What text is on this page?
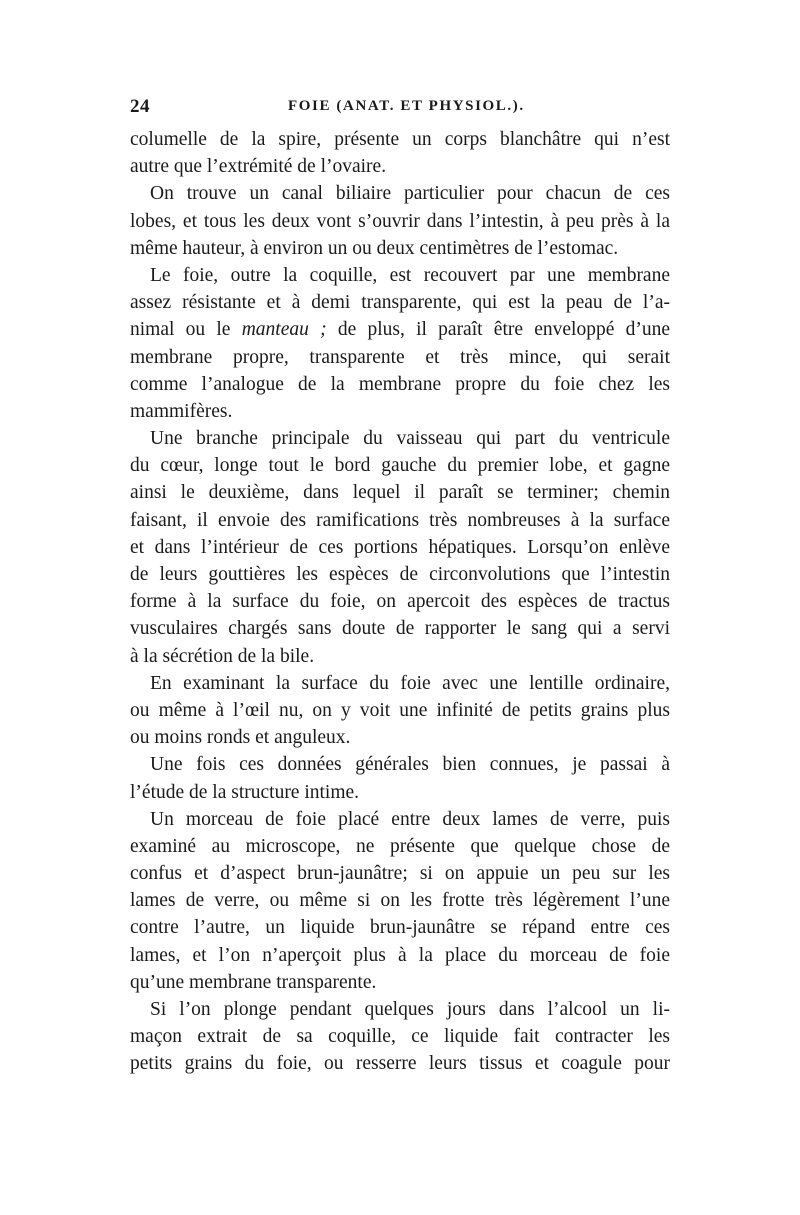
24	FOIE (ANAT. ET PHYSIOL.).
columelle de la spire, présente un corps blanchâtre qui n’est
autre que l’extrémité de l’ovaire.
On trouve un canal biliaire particulier pour chacun de ces
lobes, et tous les deux vont s’ouvrir dans l’intestin, à peu près à la
même hauteur, à environ un ou deux centimètres de l’estomac.
Le foie, outre la coquille, est recouvert par une membrane
assez résistante et à demi transparente, qui est la peau de l’a-
nimal ou le manteau ; de plus, il paraît être enveloppé d’une
membrane propre, transparente et très mince, qui serait
comme l’analogue de la membrane propre du foie chez les
mammifères.
Une branche principale du vaisseau qui part du ventricule
du cœur, longe tout le bord gauche du premier lobe, et gagne
ainsi le deuxième, dans lequel il paraît se terminer; chemin
faisant, il envoie des ramifications très nombreuses à la surface
et dans l’intérieur de ces portions hépatiques. Lorsqu’on enlève
de leurs gouttières les espèces de circonvolutions que l’intestin
forme à la surface du foie, on apercoit des espèces de tractus
vusculaires chargés sans doute de rapporter le sang qui a servi
à la sécrétion de la bile.
En examinant la surface du foie avec une lentille ordinaire,
ou même à l’œil nu, on y voit une infinité de petits grains plus
ou moins ronds et anguleux.
Une fois ces données générales bien connues, je passai à
l’étude de la structure intime.
Un morceau de foie placé entre deux lames de verre, puis
examiné au microscope, ne présente que quelque chose de
confus et d’aspect brun-jaunâtre; si on appuie un peu sur les
lames de verre, ou même si on les frotte très légèrement l’une
contre l’autre, un liquide brun-jaunâtre se répand entre ces
lames, et l’on n’aperçoit plus à la place du morceau de foie
qu’une membrane transparente.
Si l’on plonge pendant quelques jours dans l’alcool un li-
maçon extrait de sa coquille, ce liquide fait contracter les
petits grains du foie, ou resserre leurs tissus et coagule pour
